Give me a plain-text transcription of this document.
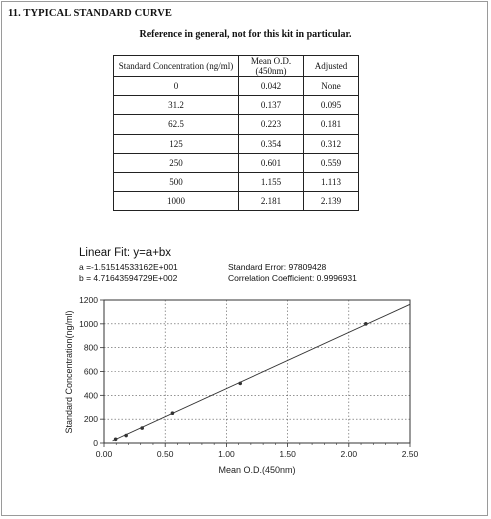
11. TYPICAL STANDARD CURVE
Reference in general, not for this kit in particular.
Standard Concentration (ng/ml)	Mean O.D.(450nm)	Adjusted
0	0.042	None
31.2	0.137	0.095
62.5	0.223	0.181
125	0.354	0.312
250	0.601	0.559
500	1.155	1.113
1000	2.181	2.139
Linear Fit: y=a+bx
a =-1.51514533162E+001
b = 4.71643594729E+002
Standard Error: 97809428
Correlation Coefficient: 0.9996931
0.00	0.50	1.00	1.50	2.00	2.50
0
200
400
600
800
1000
1200
Mean O.D.(450nm)
Standard Concentration(ng/ml)
